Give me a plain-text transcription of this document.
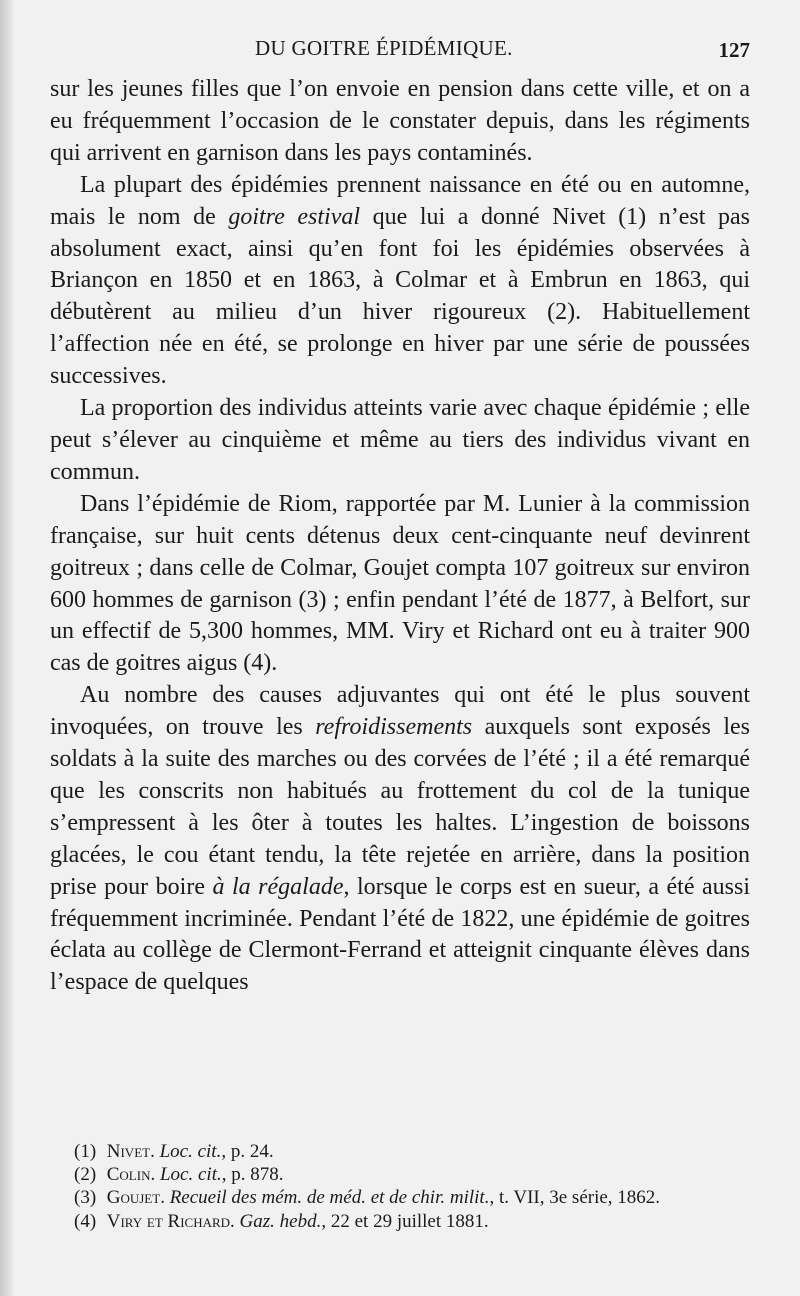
DU GOITRE ÉPIDÉMIQUE.	127

sur les jeunes filles que l’on envoie en pension dans cette ville, et on a eu fréquemment l’occasion de le constater depuis, dans les régiments qui arrivent en garnison dans les pays contaminés.

La plupart des épidémies prennent naissance en été ou en automne, mais le nom de goitre estival que lui a donné Nivet (1) n’est pas absolument exact, ainsi qu’en font foi les épidémies observées à Briançon en 1850 et en 1863, à Colmar et à Embrun en 1863, qui débutèrent au milieu d’un hiver rigoureux (2). Habituellement l’affection née en été, se prolonge en hiver par une série de poussées successives.

La proportion des individus atteints varie avec chaque épidémie ; elle peut s’élever au cinquième et même au tiers des individus vivant en commun.

Dans l’épidémie de Riom, rapportée par M. Lunier à la commission française, sur huit cents détenus deux cent-cinquante neuf devinrent goitreux ; dans celle de Colmar, Goujet compta 107 goitreux sur environ 600 hommes de garnison (3) ; enfin pendant l’été de 1877, à Belfort, sur un effectif de 5,300 hommes, MM. Viry et Richard ont eu à traiter 900 cas de goitres aigus (4).

Au nombre des causes adjuvantes qui ont été le plus souvent invoquées, on trouve les refroidissements auxquels sont exposés les soldats à la suite des marches ou des corvées de l’été ; il a été remarqué que les conscrits non habitués au frottement du col de la tunique s’empressent à les ôter à toutes les haltes. L’ingestion de boissons glacées, le cou étant tendu, la tête rejetée en arrière, dans la position prise pour boire à la régalade, lorsque le corps est en sueur, a été aussi fréquemment incriminée. Pendant l’été de 1822, une épidémie de goitres éclata au collège de Clermont-Ferrand et atteignit cinquante élèves dans l’espace de quelques

(1) Nivet. Loc. cit., p. 24.

(2) Colin. Loc. cit., p. 878.

(3) Goujet. Recueil des mém. de méd. et de chir. milit., t. VII, 3e série, 1862.

(4) Viry et Richard. Gaz. hebd., 22 et 29 juillet 1881.
